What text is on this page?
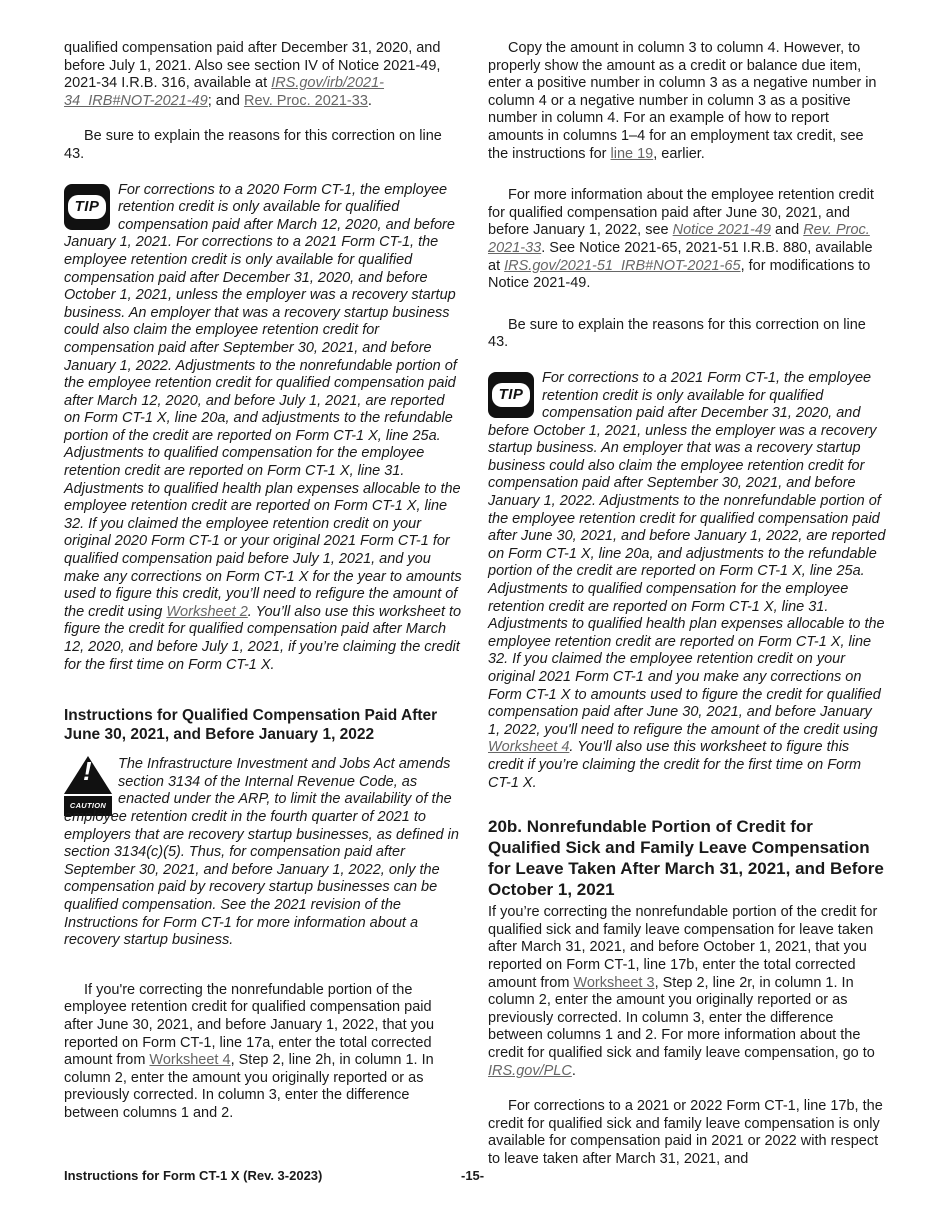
qualified compensation paid after December 31, 2020, and before July 1, 2021. Also see section IV of Notice 2021-49, 2021-34 I.R.B. 316, available at IRS.gov/irb/2021-34_IRB#NOT-2021-49; and Rev. Proc. 2021-33.

Be sure to explain the reasons for this correction on line 43.

TIP
For corrections to a 2020 Form CT-1, the employee retention credit is only available for qualified compensation paid after March 12, 2020, and before January 1, 2021. For corrections to a 2021 Form CT-1, the employee retention credit is only available for qualified compensation paid after December 31, 2020, and before October 1, 2021, unless the employer was a recovery startup business. An employer that was a recovery startup business could also claim the employee retention credit for compensation paid after September 30, 2021, and before January 1, 2022. Adjustments to the nonrefundable portion of the employee retention credit for qualified compensation paid after March 12, 2020, and before July 1, 2021, are reported on Form CT-1 X, line 20a, and adjustments to the refundable portion of the credit are reported on Form CT-1 X, line 25a. Adjustments to qualified compensation for the employee retention credit are reported on Form CT-1 X, line 31. Adjustments to qualified health plan expenses allocable to the employee retention credit are reported on Form CT-1 X, line 32. If you claimed the employee retention credit on your original 2020 Form CT-1 or your original 2021 Form CT-1 for qualified compensation paid before July 1, 2021, and you make any corrections on Form CT-1 X for the year to amounts used to figure this credit, you’ll need to refigure the amount of the credit using Worksheet 2. You’ll also use this worksheet to figure the credit for qualified compensation paid after March 12, 2020, and before July 1, 2021, if you’re claiming the credit for the first time on Form CT-1 X.
Instructions for Qualified Compensation Paid After June 30, 2021, and Before January 1, 2022
!
CAUTION
The Infrastructure Investment and Jobs Act amends section 3134 of the Internal Revenue Code, as enacted under the ARP, to limit the availability of the employee retention credit in the fourth quarter of 2021 to employers that are recovery startup businesses, as defined in section 3134(c)(5). Thus, for compensation paid after September 30, 2021, and before January 1, 2022, only the compensation paid by recovery startup businesses can be qualified compensation. See the 2021 revision of the Instructions for Form CT-1 for more information about a recovery startup business.

If you're correcting the nonrefundable portion of the employee retention credit for qualified compensation paid after June 30, 2021, and before January 1, 2022, that you reported on Form CT-1, line 17a, enter the total corrected amount from Worksheet 4, Step 2, line 2h, in column 1. In column 2, enter the amount you originally reported or as previously corrected. In column 3, enter the difference between columns 1 and 2.

Copy the amount in column 3 to column 4. However, to properly show the amount as a credit or balance due item, enter a positive number in column 3 as a negative number in column 4 or a negative number in column 3 as a positive number in column 4. For an example of how to report amounts in columns 1–4 for an employment tax credit, see the instructions for line 19, earlier.

For more information about the employee retention credit for qualified compensation paid after June 30, 2021, and before January 1, 2022, see Notice 2021-49 and Rev. Proc. 2021-33. See Notice 2021-65, 2021-51 I.R.B. 880, available at IRS.gov/2021-51_IRB#NOT-2021-65, for modifications to Notice 2021-49.

Be sure to explain the reasons for this correction on line 43.

TIP
For corrections to a 2021 Form CT-1, the employee retention credit is only available for qualified compensation paid after December 31, 2020, and before October 1, 2021, unless the employer was a recovery startup business. An employer that was a recovery startup business could also claim the employee retention credit for compensation paid after September 30, 2021, and before January 1, 2022. Adjustments to the nonrefundable portion of the employee retention credit for qualified compensation paid after June 30, 2021, and before January 1, 2022, are reported on Form CT-1 X, line 20a, and adjustments to the refundable portion of the credit are reported on Form CT-1 X, line 25a. Adjustments to qualified compensation for the employee retention credit are reported on Form CT-1 X, line 31. Adjustments to qualified health plan expenses allocable to the employee retention credit are reported on Form CT-1 X, line 32. If you claimed the employee retention credit on your original 2021 Form CT-1 and you make any corrections on Form CT-1 X to amounts used to figure the credit for qualified compensation paid after June 30, 2021, and before January 1, 2022, you'll need to refigure the amount of the credit using Worksheet 4. You'll also use this worksheet to figure this credit if you’re claiming the credit for the first time on Form CT-1 X.
20b. Nonrefundable Portion of Credit for Qualified Sick and Family Leave Compensation for Leave Taken After March 31, 2021, and Before October 1, 2021

If you’re correcting the nonrefundable portion of the credit for qualified sick and family leave compensation for leave taken after March 31, 2021, and before October 1, 2021, that you reported on Form CT-1, line 17b, enter the total corrected amount from Worksheet 3, Step 2, line 2r, in column 1. In column 2, enter the amount you originally reported or as previously corrected. In column 3, enter the difference between columns 1 and 2. For more information about the credit for qualified sick and family leave compensation, go to IRS.gov/PLC.

For corrections to a 2021 or 2022 Form CT-1, line 17b, the credit for qualified sick and family leave compensation is only available for compensation paid in 2021 or 2022 with respect to leave taken after March 31, 2021, and

Instructions for Form CT-1 X (Rev. 3-2023)	-15-
